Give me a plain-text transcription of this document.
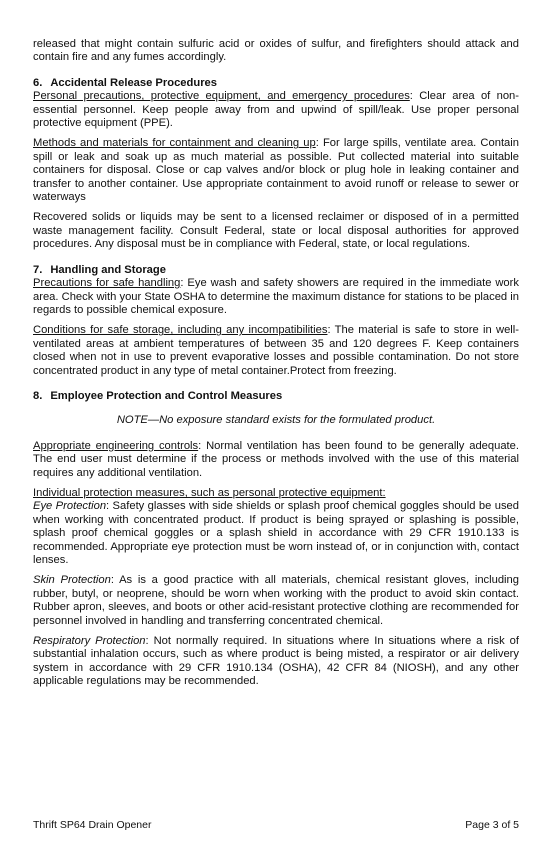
released that might contain sulfuric acid or oxides of sulfur, and firefighters should attack and contain fire and any fumes accordingly.

6. Accidental Release Procedures

Personal precautions, protective equipment, and emergency procedures: Clear area of non-essential personnel. Keep people away from and upwind of spill/leak. Use proper personal protective equipment (PPE).

Methods and materials for containment and cleaning up: For large spills, ventilate area. Contain spill or leak and soak up as much material as possible. Put collected material into suitable containers for disposal. Close or cap valves and/or block or plug hole in leaking container and transfer to another container. Use appropriate containment to avoid runoff or release to sewer or waterways

Recovered solids or liquids may be sent to a licensed reclaimer or disposed of in a permitted waste management facility. Consult Federal, state or local disposal authorities for approved procedures. Any disposal must be in compliance with Federal, state, or local regulations.

7. Handling and Storage

Precautions for safe handling: Eye wash and safety showers are required in the immediate work area. Check with your State OSHA to determine the maximum distance for stations to be placed in regards to possible chemical exposure.

Conditions for safe storage, including any incompatibilities: The material is safe to store in well-ventilated areas at ambient temperatures of between 35 and 120 degrees F. Keep containers closed when not in use to prevent evaporative losses and possible contamination. Do not store concentrated product in any type of metal container.Protect from freezing.

8. Employee Protection and Control Measures

NOTE—No exposure standard exists for the formulated product.

Appropriate engineering controls: Normal ventilation has been found to be generally adequate. The end user must determine if the process or methods involved with the use of this material requires any additional ventilation.

Individual protection measures, such as personal protective equipment:

Eye Protection: Safety glasses with side shields or splash proof chemical goggles should be used when working with concentrated product. If product is being sprayed or splashing is possible, splash proof chemical goggles or a splash shield in accordance with 29 CFR 1910.133 is recommended. Appropriate eye protection must be worn instead of, or in conjunction with, contact lenses.

Skin Protection: As is a good practice with all materials, chemical resistant gloves, including rubber, butyl, or neoprene, should be worn when working with the product to avoid skin contact. Rubber apron, sleeves, and boots or other acid-resistant protective clothing are recommended for personnel involved in handling and transferring concentrated chemical.

Respiratory Protection: Not normally required. In situations where In situations where a risk of substantial inhalation occurs, such as where product is being misted, a respirator or air delivery system in accordance with 29 CFR 1910.134 (OSHA), 42 CFR 84 (NIOSH), and any other applicable regulations may be recommended.

Thrift SP64 Drain Opener	Page 3 of 5
